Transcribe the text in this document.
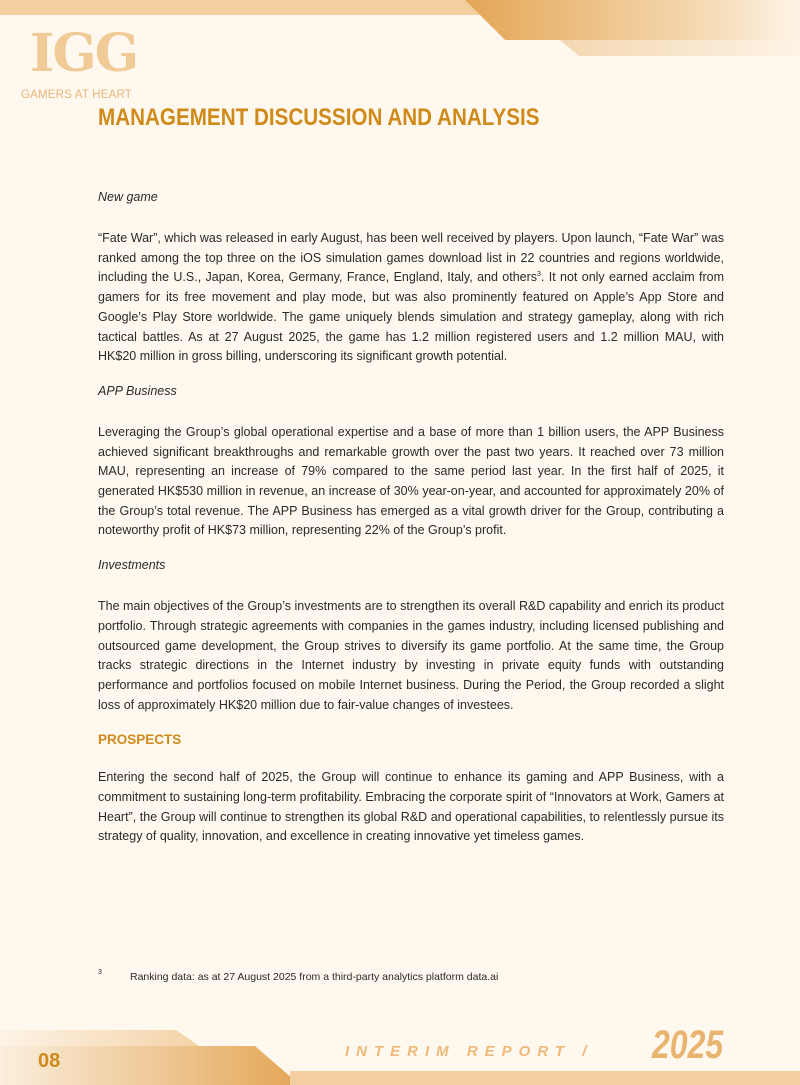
IGG
GAMERS AT HEART
MANAGEMENT DISCUSSION AND ANALYSIS
New game

“Fate War”, which was released in early August, has been well received by players. Upon launch, “Fate War” was ranked among the top three on the iOS simulation games download list in 22 countries and regions worldwide, including the U.S., Japan, Korea, Germany, France, England, Italy, and others$^3$. It not only earned acclaim from gamers for its free movement and play mode, but was also prominently featured on Apple’s App Store and Google’s Play Store worldwide. The game uniquely blends simulation and strategy gameplay, along with rich tactical battles. As at 27 August 2025, the game has 1.2 million registered users and 1.2 million MAU, with HK$20 million in gross billing, underscoring its significant growth potential.

APP Business

Leveraging the Group’s global operational expertise and a base of more than 1 billion users, the APP Business achieved significant breakthroughs and remarkable growth over the past two years. It reached over 73 million MAU, representing an increase of 79% compared to the same period last year. In the first half of 2025, it generated HK$530 million in revenue, an increase of 30% year-on-year, and accounted for approximately 20% of the Group’s total revenue. The APP Business has emerged as a vital growth driver for the Group, contributing a noteworthy profit of HK$73 million, representing 22% of the Group’s profit.

Investments

The main objectives of the Group’s investments are to strengthen its overall R&D capability and enrich its product portfolio. Through strategic agreements with companies in the games industry, including licensed publishing and outsourced game development, the Group strives to diversify its game portfolio. At the same time, the Group tracks strategic directions in the Internet industry by investing in private equity funds with outstanding performance and portfolios focused on mobile Internet business. During the Period, the Group recorded a slight loss of approximately HK$20 million due to fair-value changes of investees.

PROSPECTS

Entering the second half of 2025, the Group will continue to enhance its gaming and APP Business, with a commitment to sustaining long-term profitability. Embracing the corporate spirit of “Innovators at Work, Gamers at Heart”, the Group will continue to strengthen its global R&D and operational capabilities, to relentlessly pursue its strategy of quality, innovation, and excellence in creating innovative yet timeless games.

3	Ranking data: as at 27 August 2025 from a third-party analytics platform data.ai
08	INTERIM REPORT / 2025
